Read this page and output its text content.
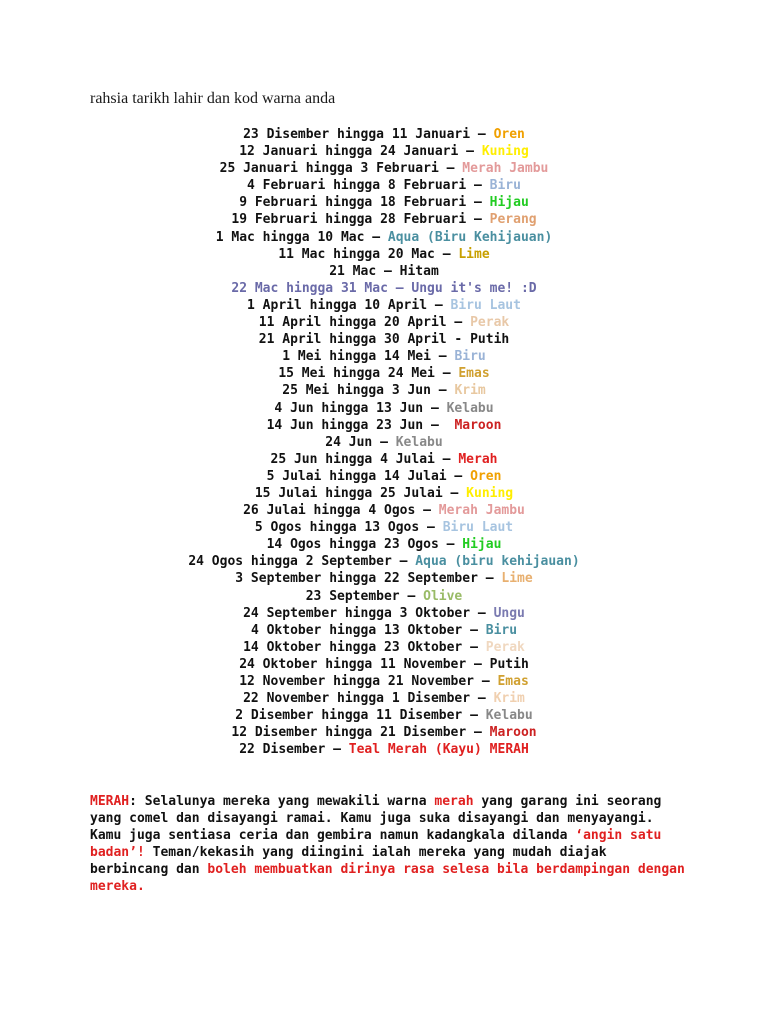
rahsia tarikh lahir dan kod warna anda
23 Disember hingga 11 Januari – Oren
12 Januari hingga 24 Januari – Kuning
25 Januari hingga 3 Februari – Merah Jambu
4 Februari hingga 8 Februari – Biru
9 Februari hingga 18 Februari – Hijau
19 Februari hingga 28 Februari – Perang
1 Mac hingga 10 Mac – Aqua (Biru Kehijauan)
11 Mac hingga 20 Mac – Lime
21 Mac – Hitam
22 Mac hingga 31 Mac – Ungu it's me! :D
1 April hingga 10 April – Biru Laut
11 April hingga 20 April – Perak
21 April hingga 30 April - Putih
1 Mei hingga 14 Mei – Biru
15 Mei hingga 24 Mei – Emas
25 Mei hingga 3 Jun – Krim
4 Jun hingga 13 Jun – Kelabu
14 Jun hingga 23 Jun –  Maroon
24 Jun – Kelabu
25 Jun hingga 4 Julai – Merah
5 Julai hingga 14 Julai – Oren
15 Julai hingga 25 Julai – Kuning
26 Julai hingga 4 Ogos – Merah Jambu
5 Ogos hingga 13 Ogos – Biru Laut
14 Ogos hingga 23 Ogos – Hijau
24 Ogos hingga 2 September – Aqua (biru kehijauan)
3 September hingga 22 September – Lime
23 September – Olive
24 September hingga 3 Oktober – Ungu
4 Oktober hingga 13 Oktober – Biru
14 Oktober hingga 23 Oktober – Perak
24 Oktober hingga 11 November – Putih
12 November hingga 21 November – Emas
22 November hingga 1 Disember – Krim
2 Disember hingga 11 Disember – Kelabu
12 Disember hingga 21 Disember – Maroon
22 Disember – Teal Merah (Kayu) MERAH

MERAH: Selalunya mereka yang mewakili warna merah yang garang ini seorang yang comel dan disayangi ramai. Kamu juga suka disayangi dan menyayangi. Kamu juga sentiasa ceria dan gembira namun kadangkala dilanda ‘angin satu badan’! Teman/kekasih yang diingini ialah mereka yang mudah diajak berbincang dan boleh membuatkan dirinya rasa selesa bila berdampingan dengan mereka.
